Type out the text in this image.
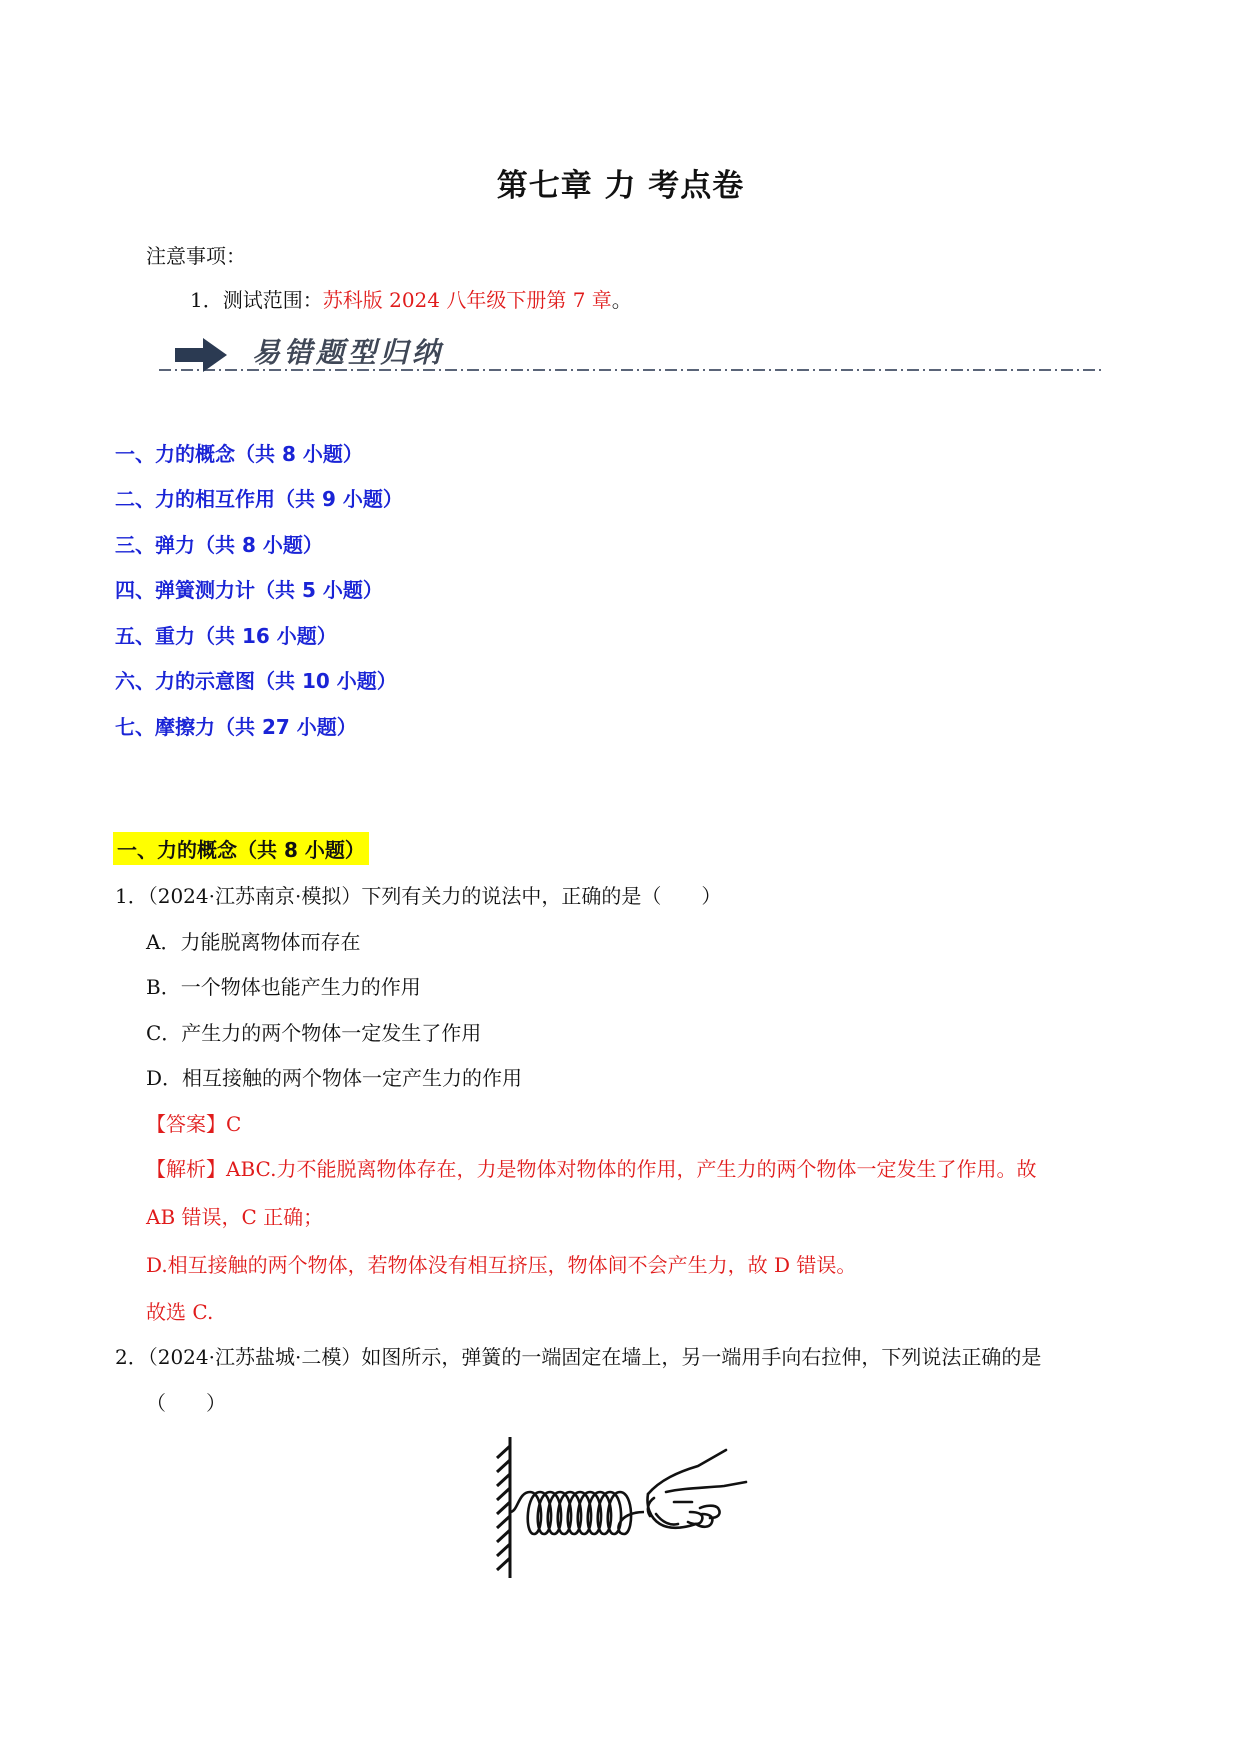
第七章 力 考点卷
注意事项：
1．测试范围：苏科版 2024 八年级下册第 7 章。
易错题型归纳
一、力的概念（共 8 小题）
二、力的相互作用（共 9 小题）
三、弹力（共 8 小题）
四、弹簧测力计（共 5 小题）
五、重力（共 16 小题）
六、力的示意图（共 10 小题）
七、摩擦力（共 27 小题）
一、力的概念（共 8 小题）
1．（2024·江苏南京·模拟）下列有关力的说法中，正确的是（　　）
A．力能脱离物体而存在
B．一个物体也能产生力的作用
C．产生力的两个物体一定发生了作用
D．相互接触的两个物体一定产生力的作用
【答案】C
【解析】ABC.力不能脱离物体存在，力是物体对物体的作用，产生力的两个物体一定发生了作用。故
AB 错误，C 正确；
D.相互接触的两个物体，若物体没有相互挤压，物体间不会产生力，故 D 错误。
故选 C.
2．（2024·江苏盐城·二模）如图所示，弹簧的一端固定在墙上，另一端用手向右拉伸，下列说法正确的是
（　　）
